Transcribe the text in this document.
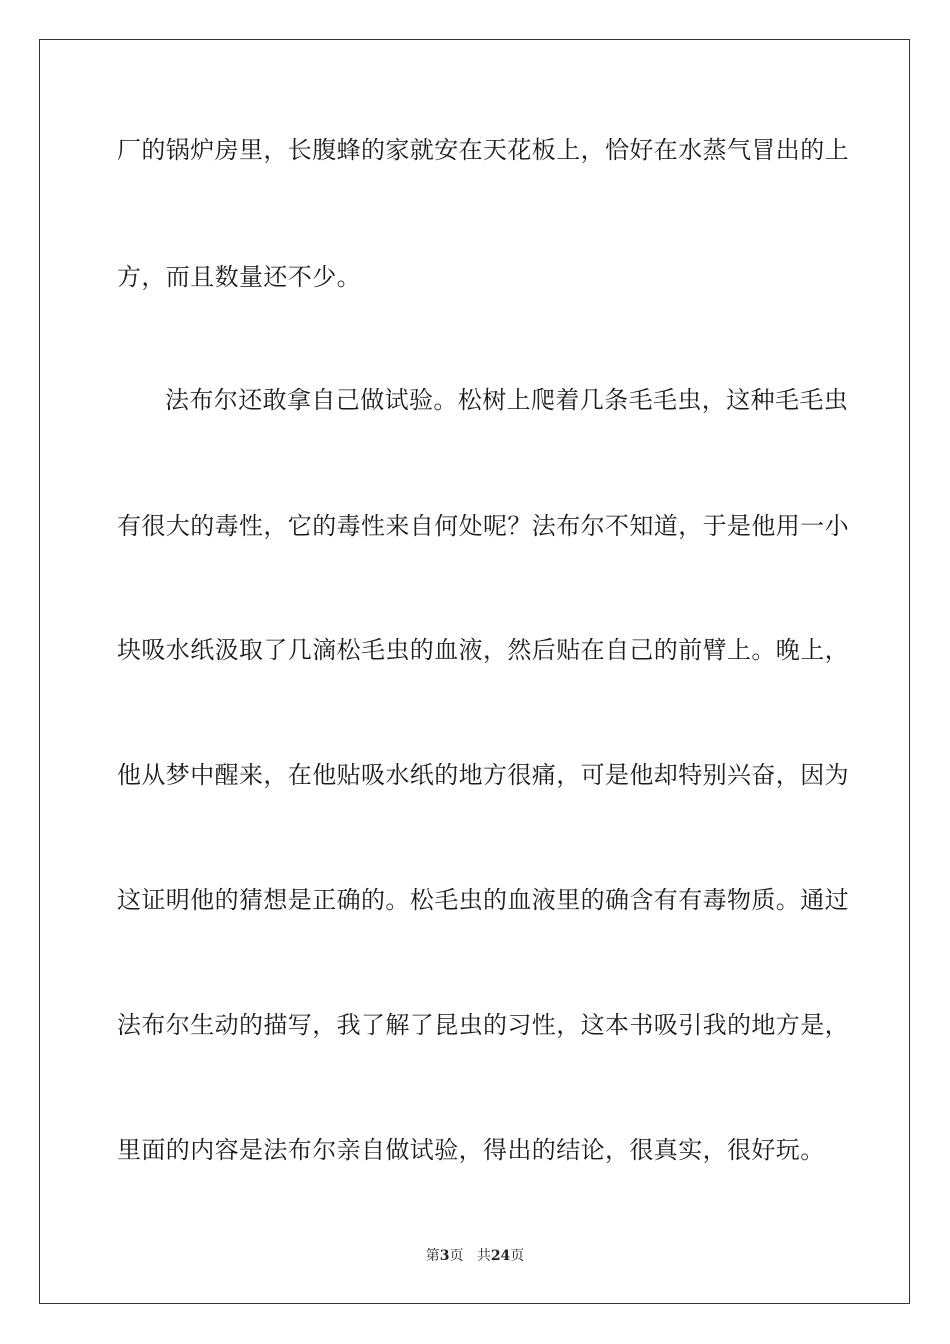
厂的锅炉房里，长腹蜂的家就安在天花板上，恰好在水蒸气冒出的上
方，而且数量还不少。
法布尔还敢拿自己做试验。松树上爬着几条毛毛虫，这种毛毛虫
有很大的毒性，它的毒性来自何处呢？法布尔不知道，于是他用一小
块吸水纸汲取了几滴松毛虫的血液，然后贴在自己的前臂上。晚上，
他从梦中醒来，在他贴吸水纸的地方很痛，可是他却特别兴奋，因为
这证明他的猜想是正确的。松毛虫的血液里的确含有有毒物质。通过
法布尔生动的描写，我了解了昆虫的习性，这本书吸引我的地方是，
里面的内容是法布尔亲自做试验，得出的结论，很真实，很好玩。
第3页 共24页
